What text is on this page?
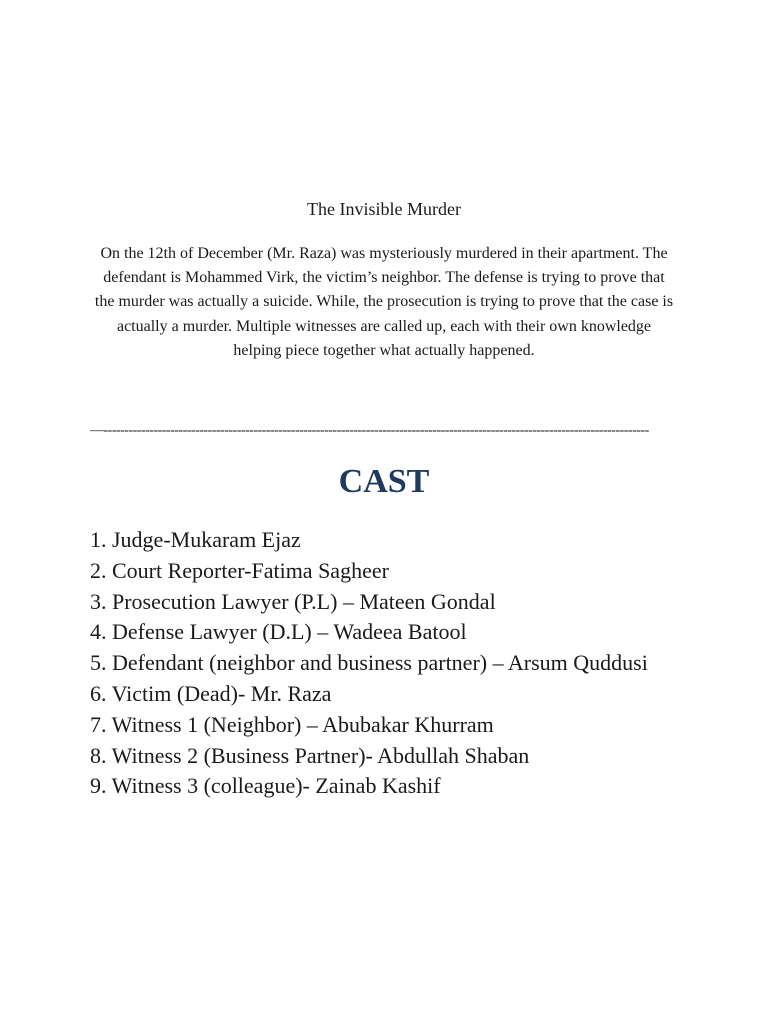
The Invisible Murder
On the 12th of December (Mr. Raza) was mysteriously murdered in their apartment. The defendant is Mohammed Virk, the victim’s neighbor. The defense is trying to prove that the murder was actually a suicide. While, the prosecution is trying to prove that the case is actually a murder. Multiple witnesses are called up, each with their own knowledge helping piece together what actually happened.
—-----------------------------------------------------------------------------------------------------------------------------------
CAST
1. Judge-Mukaram Ejaz
2. Court Reporter-Fatima Sagheer
3. Prosecution Lawyer (P.L) – Mateen Gondal
4. Defense Lawyer (D.L) – Wadeea Batool
5. Defendant (neighbor and business partner) – Arsum Quddusi
6. Victim (Dead)- Mr. Raza
7. Witness 1 (Neighbor) – Abubakar Khurram
8. Witness 2 (Business Partner)- Abdullah Shaban
9. Witness 3 (colleague)- Zainab Kashif
